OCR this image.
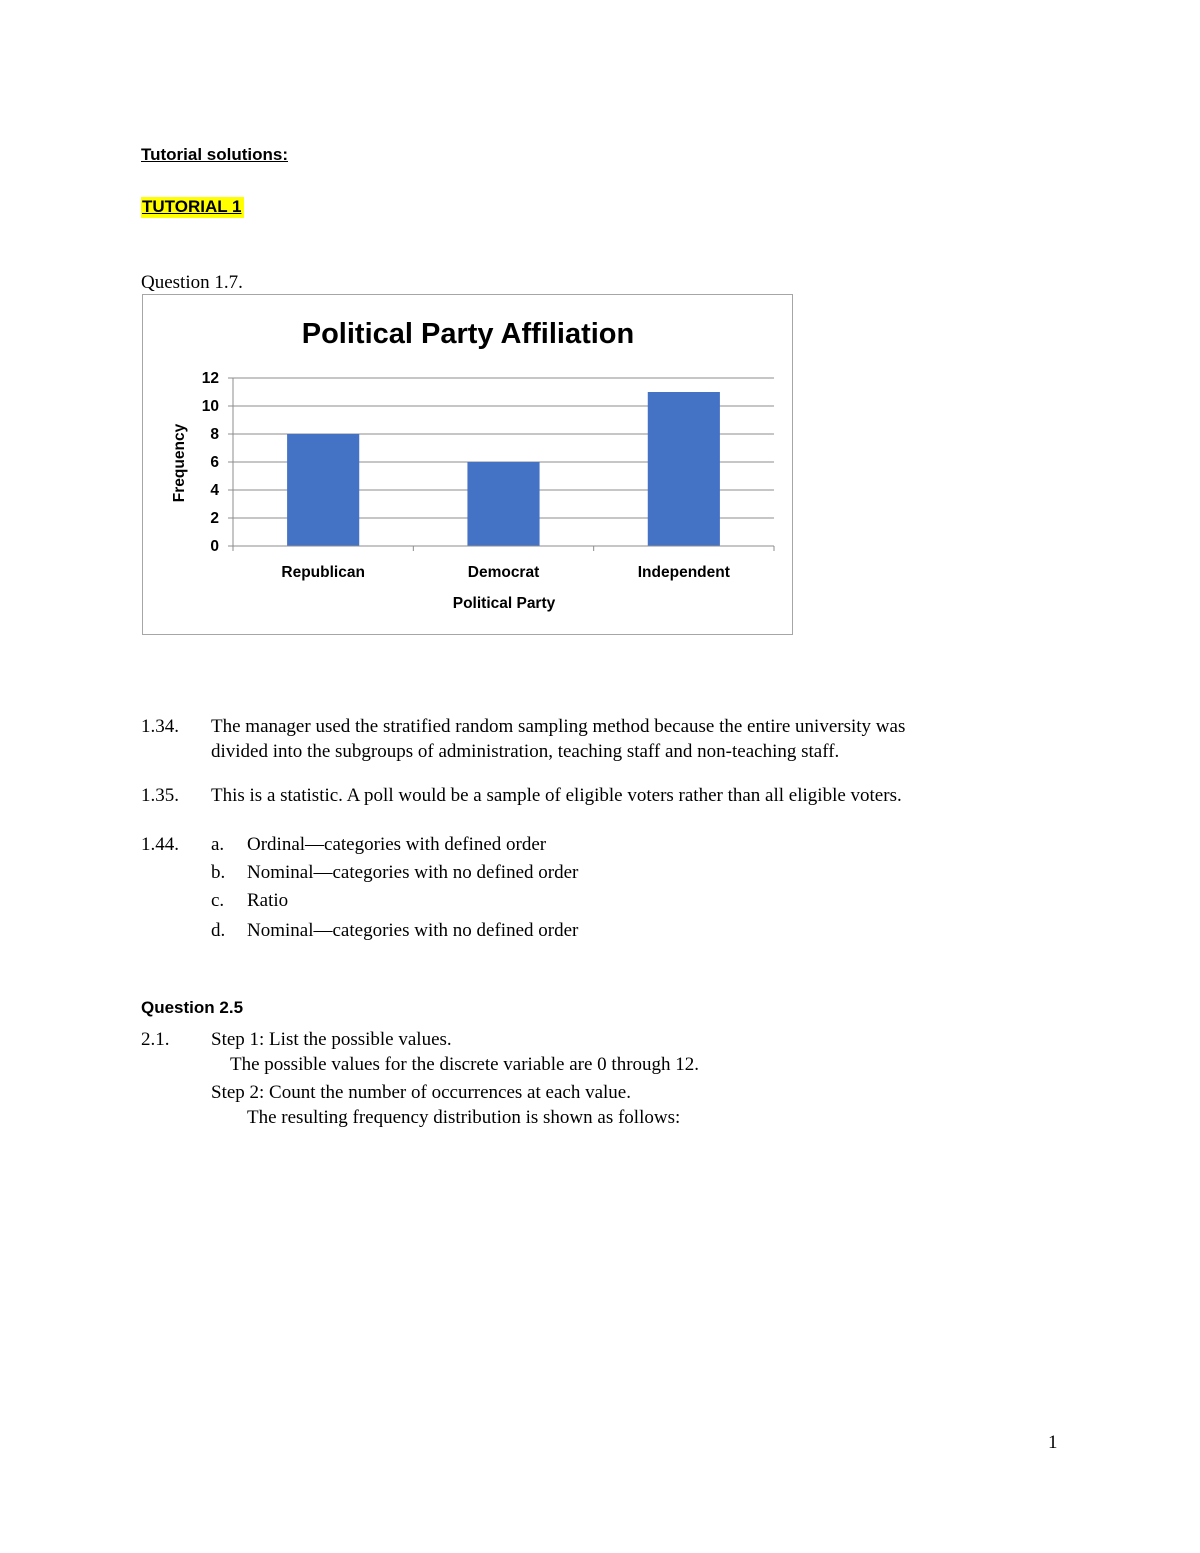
Tutorial solutions:
TUTORIAL 1
Question 1.7.
Political Party Affiliation
0
2
4
6
8
10
12
Republican	Democrat	Independent
Political Party
Frequency
1.34. The manager used the stratified random sampling method because the entire university was
divided into the subgroups of administration, teaching staff and non-teaching staff.
1.35. This is a statistic. A poll would be a sample of eligible voters rather than all eligible voters.
1.44. a. Ordinal—categories with defined order
b. Nominal—categories with no defined order
c. Ratio
d. Nominal—categories with no defined order
Question 2.5
2.1. Step 1: List the possible values.
The possible values for the discrete variable are 0 through 12.
Step 2: Count the number of occurrences at each value.
The resulting frequency distribution is shown as follows:
1
